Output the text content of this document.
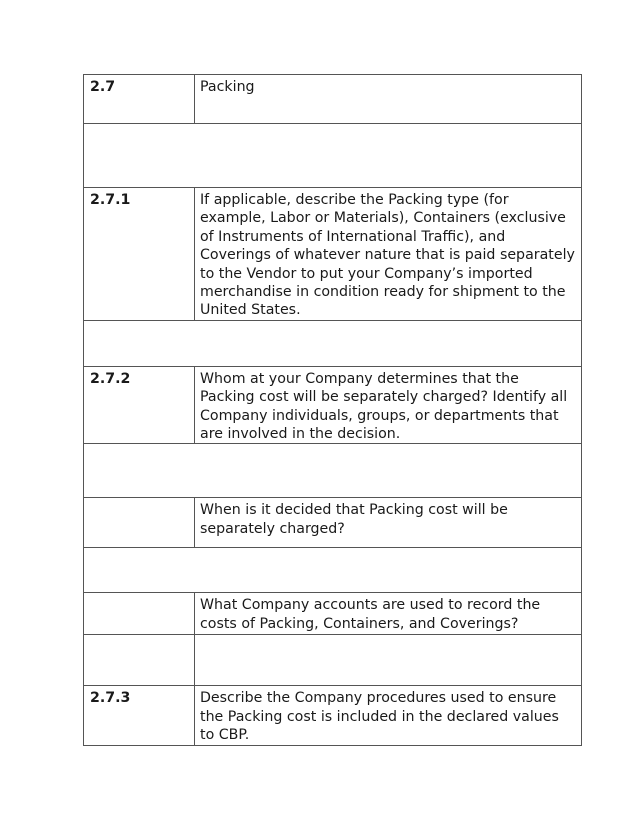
2.7	Packing

2.7.1	If applicable, describe the Packing type (for example, Labor or Materials), Containers (exclusive of Instruments of International Traffic), and Coverings of whatever nature that is paid separately to the Vendor to put your Company’s imported merchandise in condition ready for shipment to the United States.

2.7.2	Whom at your Company determines that the Packing cost will be separately charged? Identify all Company individuals, groups, or departments that are involved in the decision.

	When is it decided that Packing cost will be separately charged?

	What Company accounts are used to record the costs of Packing, Containers, and Coverings?

2.7.3	Describe the Company procedures used to ensure the Packing cost is included in the declared values to CBP.
